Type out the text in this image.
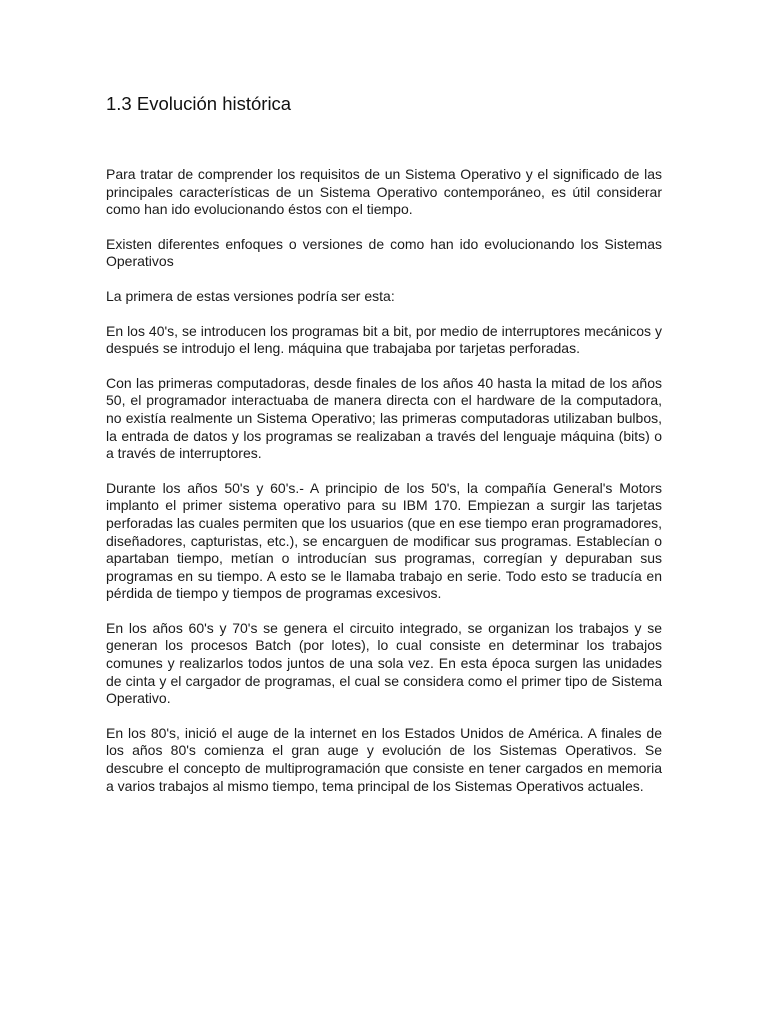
1.3 Evolución histórica

Para tratar de comprender los requisitos de un Sistema Operativo y el significado de las principales características de un Sistema Operativo contemporáneo, es útil considerar como han ido evolucionando éstos con el tiempo.

Existen diferentes enfoques o versiones de como han ido evolucionando los Sistemas Operativos

La primera de estas versiones podría ser esta:

En los 40's, se introducen los programas bit a bit, por medio de interruptores mecánicos y después se introdujo el leng. máquina que trabajaba por tarjetas perforadas.

Con las primeras computadoras, desde finales de los años 40 hasta la mitad de los años 50, el programador interactuaba de manera directa con el hardware de la computadora, no existía realmente un Sistema Operativo; las primeras computadoras utilizaban bulbos, la entrada de datos y los programas se realizaban a través del lenguaje máquina (bits) o a través de interruptores.

Durante los años 50's y 60's.- A principio de los 50's, la compañía General's Motors implanto el primer sistema operativo para su IBM 170. Empiezan a surgir las tarjetas perforadas las cuales permiten que los usuarios (que en ese tiempo eran programadores, diseñadores, capturistas, etc.), se encarguen de modificar sus programas. Establecían o apartaban tiempo, metían o introducían sus programas, corregían y depuraban sus programas en su tiempo. A esto se le llamaba trabajo en serie. Todo esto se traducía en pérdida de tiempo y tiempos de programas excesivos.

En los años 60's y 70's se genera el circuito integrado, se organizan los trabajos y se generan los procesos Batch (por lotes), lo cual consiste en determinar los trabajos comunes y realizarlos todos juntos de una sola vez. En esta época surgen las unidades de cinta y el cargador de programas, el cual se considera como el primer tipo de Sistema Operativo.

En los 80's, inició el auge de la internet en los Estados Unidos de América. A finales de los años 80's comienza el gran auge y evolución de los Sistemas Operativos. Se descubre el concepto de multiprogramación que consiste en tener cargados en memoria a varios trabajos al mismo tiempo, tema principal de los Sistemas Operativos actuales.
